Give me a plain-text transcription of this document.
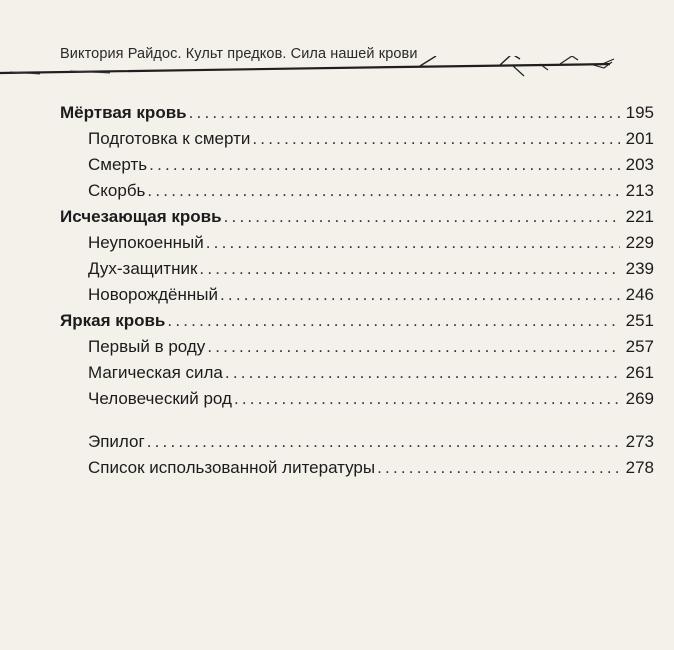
Виктория Райдос. Культ предков. Сила нашей крови
Мёртвая кровь .....	195
Подготовка к смерти .....	201
Смерть .....	203
Скорбь .....	213
Исчезающая кровь .....	221
Неупокоенный .....	229
Дух-защитник .....	239
Новорождённый .....	246
Яркая кровь .....	251
Первый в роду .....	257
Магическая сила .....	261
Человеческий род .....	269
Эпилог .....	273
Список использованной литературы .....	278
